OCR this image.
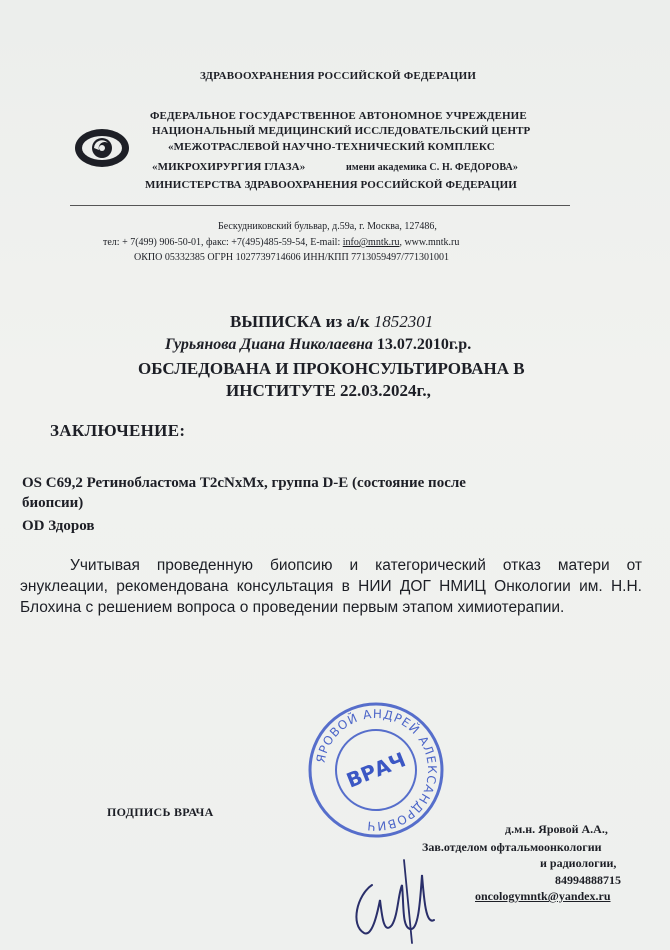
ЗДРАВООХРАНЕНИЯ РОССИЙСКОЙ ФЕДЕРАЦИИ
ФЕДЕРАЛЬНОЕ ГОСУДАРСТВЕННОЕ АВТОНОМНОЕ УЧРЕЖДЕНИЕ
НАЦИОНАЛЬНЫЙ МЕДИЦИНСКИЙ ИССЛЕДОВАТЕЛЬСКИЙ ЦЕНТР
«МЕЖОТРАСЛЕВОЙ НАУЧНО-ТЕХНИЧЕСКИЙ КОМПЛЕКС
«МИКРОХИРУРГИЯ ГЛАЗА»	имени академика С. Н. ФЕДОРОВА»
МИНИСТЕРСТВА ЗДРАВООХРАНЕНИЯ РОССИЙСКОЙ ФЕДЕРАЦИИ
Бескудниковский бульвар, д.59а, г. Москва, 127486,
тел: + 7(499) 906-50-01, факс: +7(495)485-59-54, E-mail: info@mntk.ru, www.mntk.ru
ОКПО 05332385 ОГРН 1027739714606 ИНН/КПП 7713059497/771301001
ВЫПИСКА из а/к 1852301
Гурьянова Диана Николаевна 13.07.2010г.р.
ОБСЛЕДОВАНА И ПРОКОНСУЛЬТИРОВАНА В
ИНСТИТУТЕ 22.03.2024г.,
ЗАКЛЮЧЕНИЕ:
OS C69,2 Ретинобластома T2cNxMx, группа D-E (состояние после
биопсии)
OD Здоров
Учитывая проведенную биопсию и категорический отказ матери от энуклеации, рекомендована консультация в НИИ ДОГ НМИЦ Онкологии им. Н.Н. Блохина с решением вопроса о проведении первым этапом химиотерапии.
ПОДПИСЬ ВРАЧА
ЯРОВОЙ АНДРЕЙ АЛЕКСАНДРОВИЧ
ВРАЧ
д.м.н. Яровой А.А.,
Зав.отделом офтальмоонкологии
и радиологии,
84994888715
oncologymntk@yandex.ru
